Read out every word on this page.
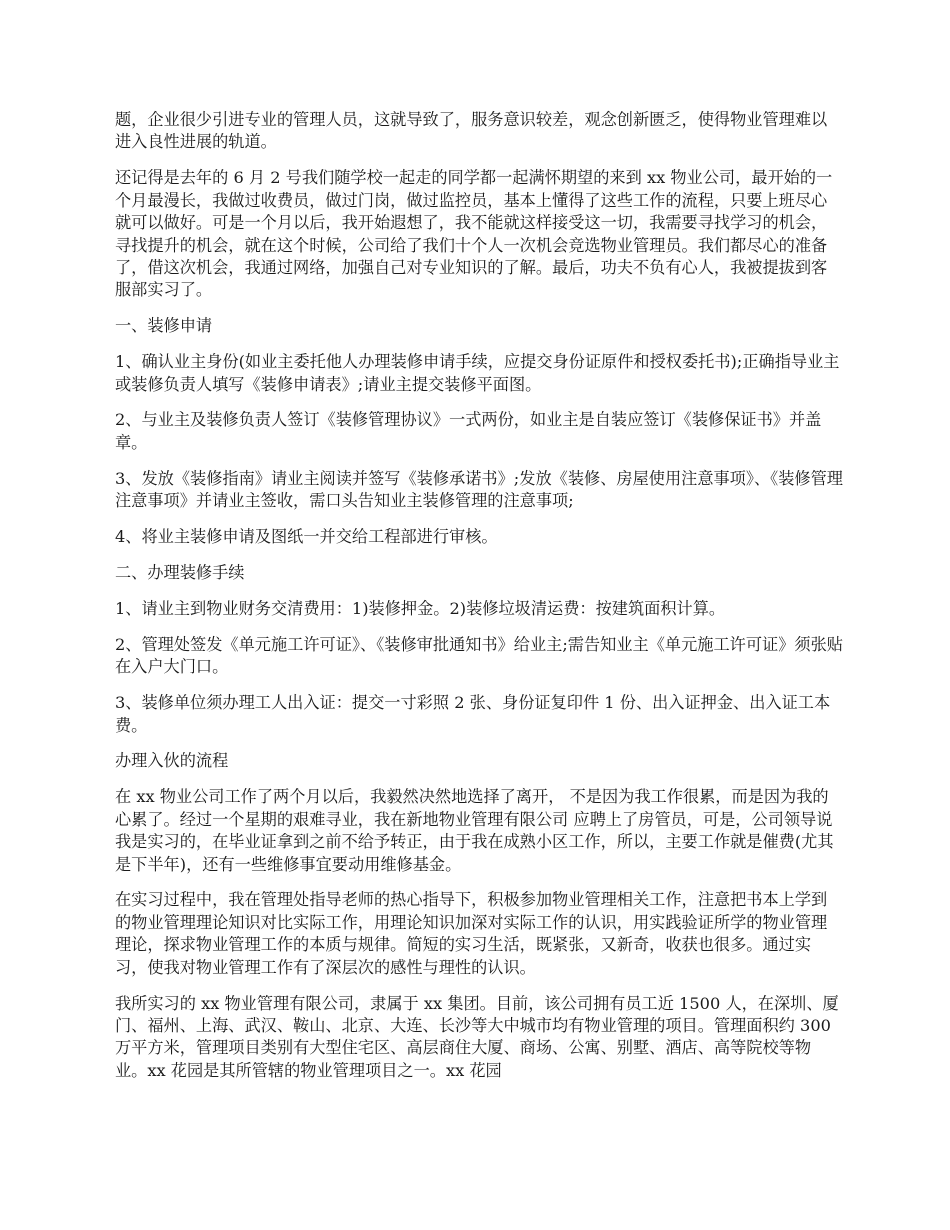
题，企业很少引进专业的管理人员，这就导致了，服务意识较差，观念创新匮乏，使得物业管理难以进入良性进展的轨道。

还记得是去年的 6 月 2 号我们随学校一起走的同学都一起满怀期望的来到 xx 物业公司，最开始的一个月最漫长，我做过收费员，做过门岗，做过监控员，基本上懂得了这些工作的流程，只要上班尽心就可以做好。可是一个月以后，我开始遐想了，我不能就这样接受这一切，我需要寻找学习的机会，寻找提升的机会，就在这个时候，公司给了我们十个人一次机会竞选物业管理员。我们都尽心的准备了，借这次机会，我通过网络，加强自己对专业知识的了解。最后，功夫不负有心人，我被提拔到客服部实习了。

一、装修申请

1、确认业主身份(如业主委托他人办理装修申请手续，应提交身份证原件和授权委托书);正确指导业主或装修负责人填写《装修申请表》;请业主提交装修平面图。

2、与业主及装修负责人签订《装修管理协议》一式两份，如业主是自装应签订《装修保证书》并盖章。

3、发放《装修指南》请业主阅读并签写《装修承诺书》;发放《装修、房屋使用注意事项》、《装修管理注意事项》并请业主签收，需口头告知业主装修管理的注意事项;

4、将业主装修申请及图纸一并交给工程部进行审核。

二、办理装修手续

1、请业主到物业财务交清费用：1)装修押金。2)装修垃圾清运费：按建筑面积计算。

2、管理处签发《单元施工许可证》、《装修审批通知书》给业主;需告知业主《单元施工许可证》须张贴在入户大门口。

3、装修单位须办理工人出入证：提交一寸彩照 2 张、身份证复印件 1 份、出入证押金、出入证工本费。

办理入伙的流程

在 xx 物业公司工作了两个月以后，我毅然决然地选择了离开， 不是因为我工作很累，而是因为我的心累了。经过一个星期的艰难寻业，我在新地物业管理有限公司 应聘上了房管员，可是，公司领导说我是实习的，在毕业证拿到之前不给予转正，由于我在成熟小区工作，所以，主要工作就是催费(尤其是下半年)，还有一些维修事宜要动用维修基金。

在实习过程中，我在管理处指导老师的热心指导下，积极参加物业管理相关工作，注意把书本上学到的物业管理理论知识对比实际工作，用理论知识加深对实际工作的认识，用实践验证所学的物业管理理论，探求物业管理工作的本质与规律。简短的实习生活，既紧张，又新奇，收获也很多。通过实习，使我对物业管理工作有了深层次的感性与理性的认识。

我所实习的 xx 物业管理有限公司，隶属于 xx 集团。目前，该公司拥有员工近 1500 人，在深圳、厦门、福州、上海、武汉、鞍山、北京、大连、长沙等大中城市均有物业管理的项目。管理面积约 300 万平方米，管理项目类别有大型住宅区、高层商住大厦、商场、公寓、别墅、酒店、高等院校等物业。xx 花园是其所管辖的物业管理项目之一。xx 花园
